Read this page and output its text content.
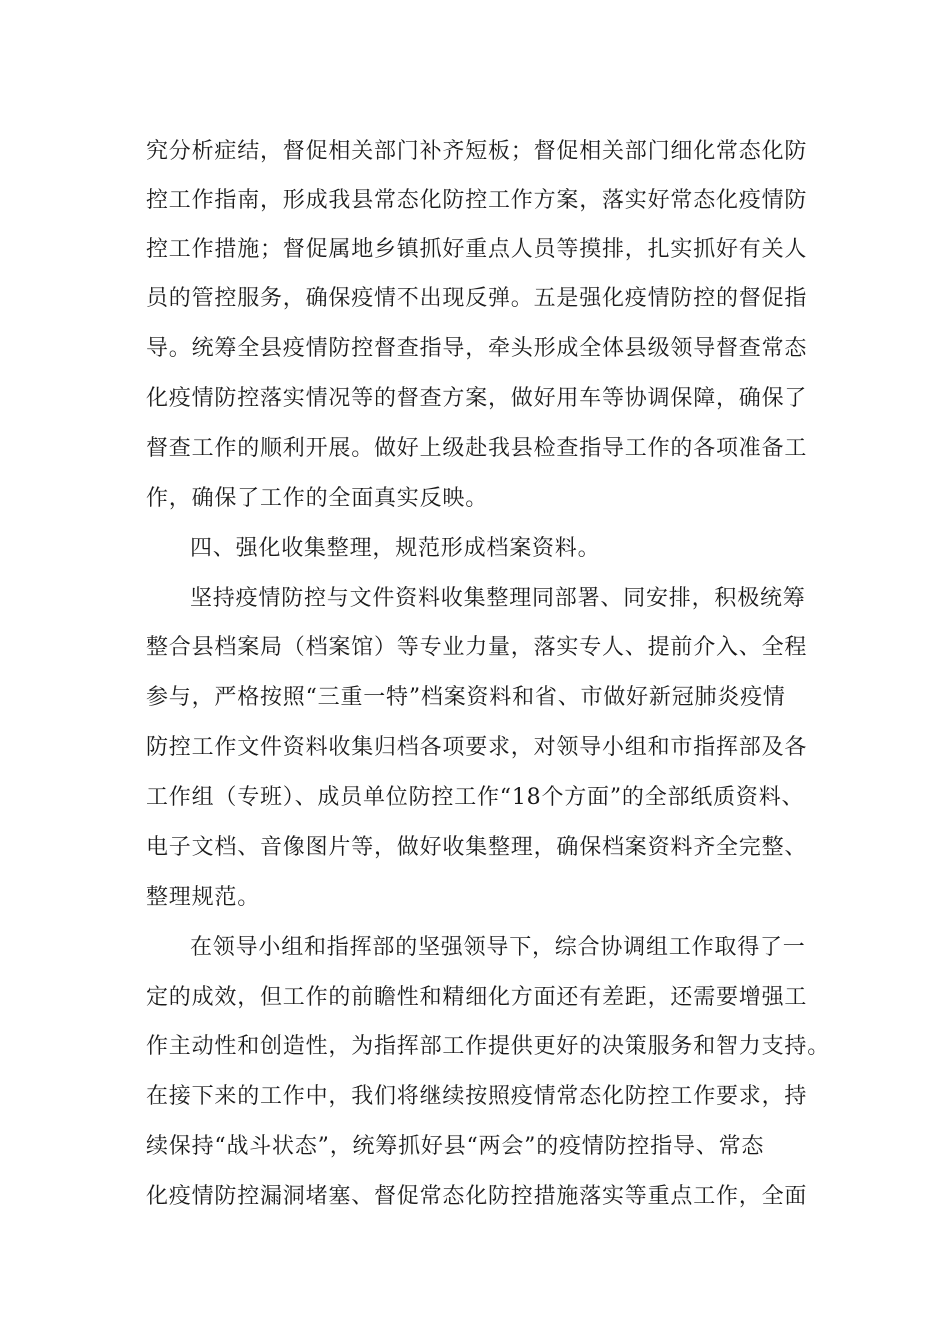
究分析症结，督促相关部门补齐短板；督促相关部门细化常态化防

控工作指南，形成我县常态化防控工作方案，落实好常态化疫情防

控工作措施；督促属地乡镇抓好重点人员等摸排，扎实抓好有关人

员的管控服务，确保疫情不出现反弹。五是强化疫情防控的督促指

导。统筹全县疫情防控督查指导，牵头形成全体县级领导督查常态

化疫情防控落实情况等的督查方案，做好用车等协调保障，确保了

督查工作的顺利开展。做好上级赴我县检查指导工作的各项准备工

作，确保了工作的全面真实反映。

四、强化收集整理，规范形成档案资料。

坚持疫情防控与文件资料收集整理同部署、同安排，积极统筹

整合县档案局（档案馆）等专业力量，落实专人、提前介入、全程

参与，严格按照“三重一特”档案资料和省、市做好新冠肺炎疫情

防控工作文件资料收集归档各项要求，对领导小组和市指挥部及各

工作组（专班）、成员单位防控工作“18个方面”的全部纸质资料、

电子文档、音像图片等，做好收集整理，确保档案资料齐全完整、

整理规范。

在领导小组和指挥部的坚强领导下，综合协调组工作取得了一

定的成效，但工作的前瞻性和精细化方面还有差距，还需要增强工

作主动性和创造性，为指挥部工作提供更好的决策服务和智力支持。

在接下来的工作中，我们将继续按照疫情常态化防控工作要求，持

续保持“战斗状态”，统筹抓好县“两会”的疫情防控指导、常态

化疫情防控漏洞堵塞、督促常态化防控措施落实等重点工作，全面
